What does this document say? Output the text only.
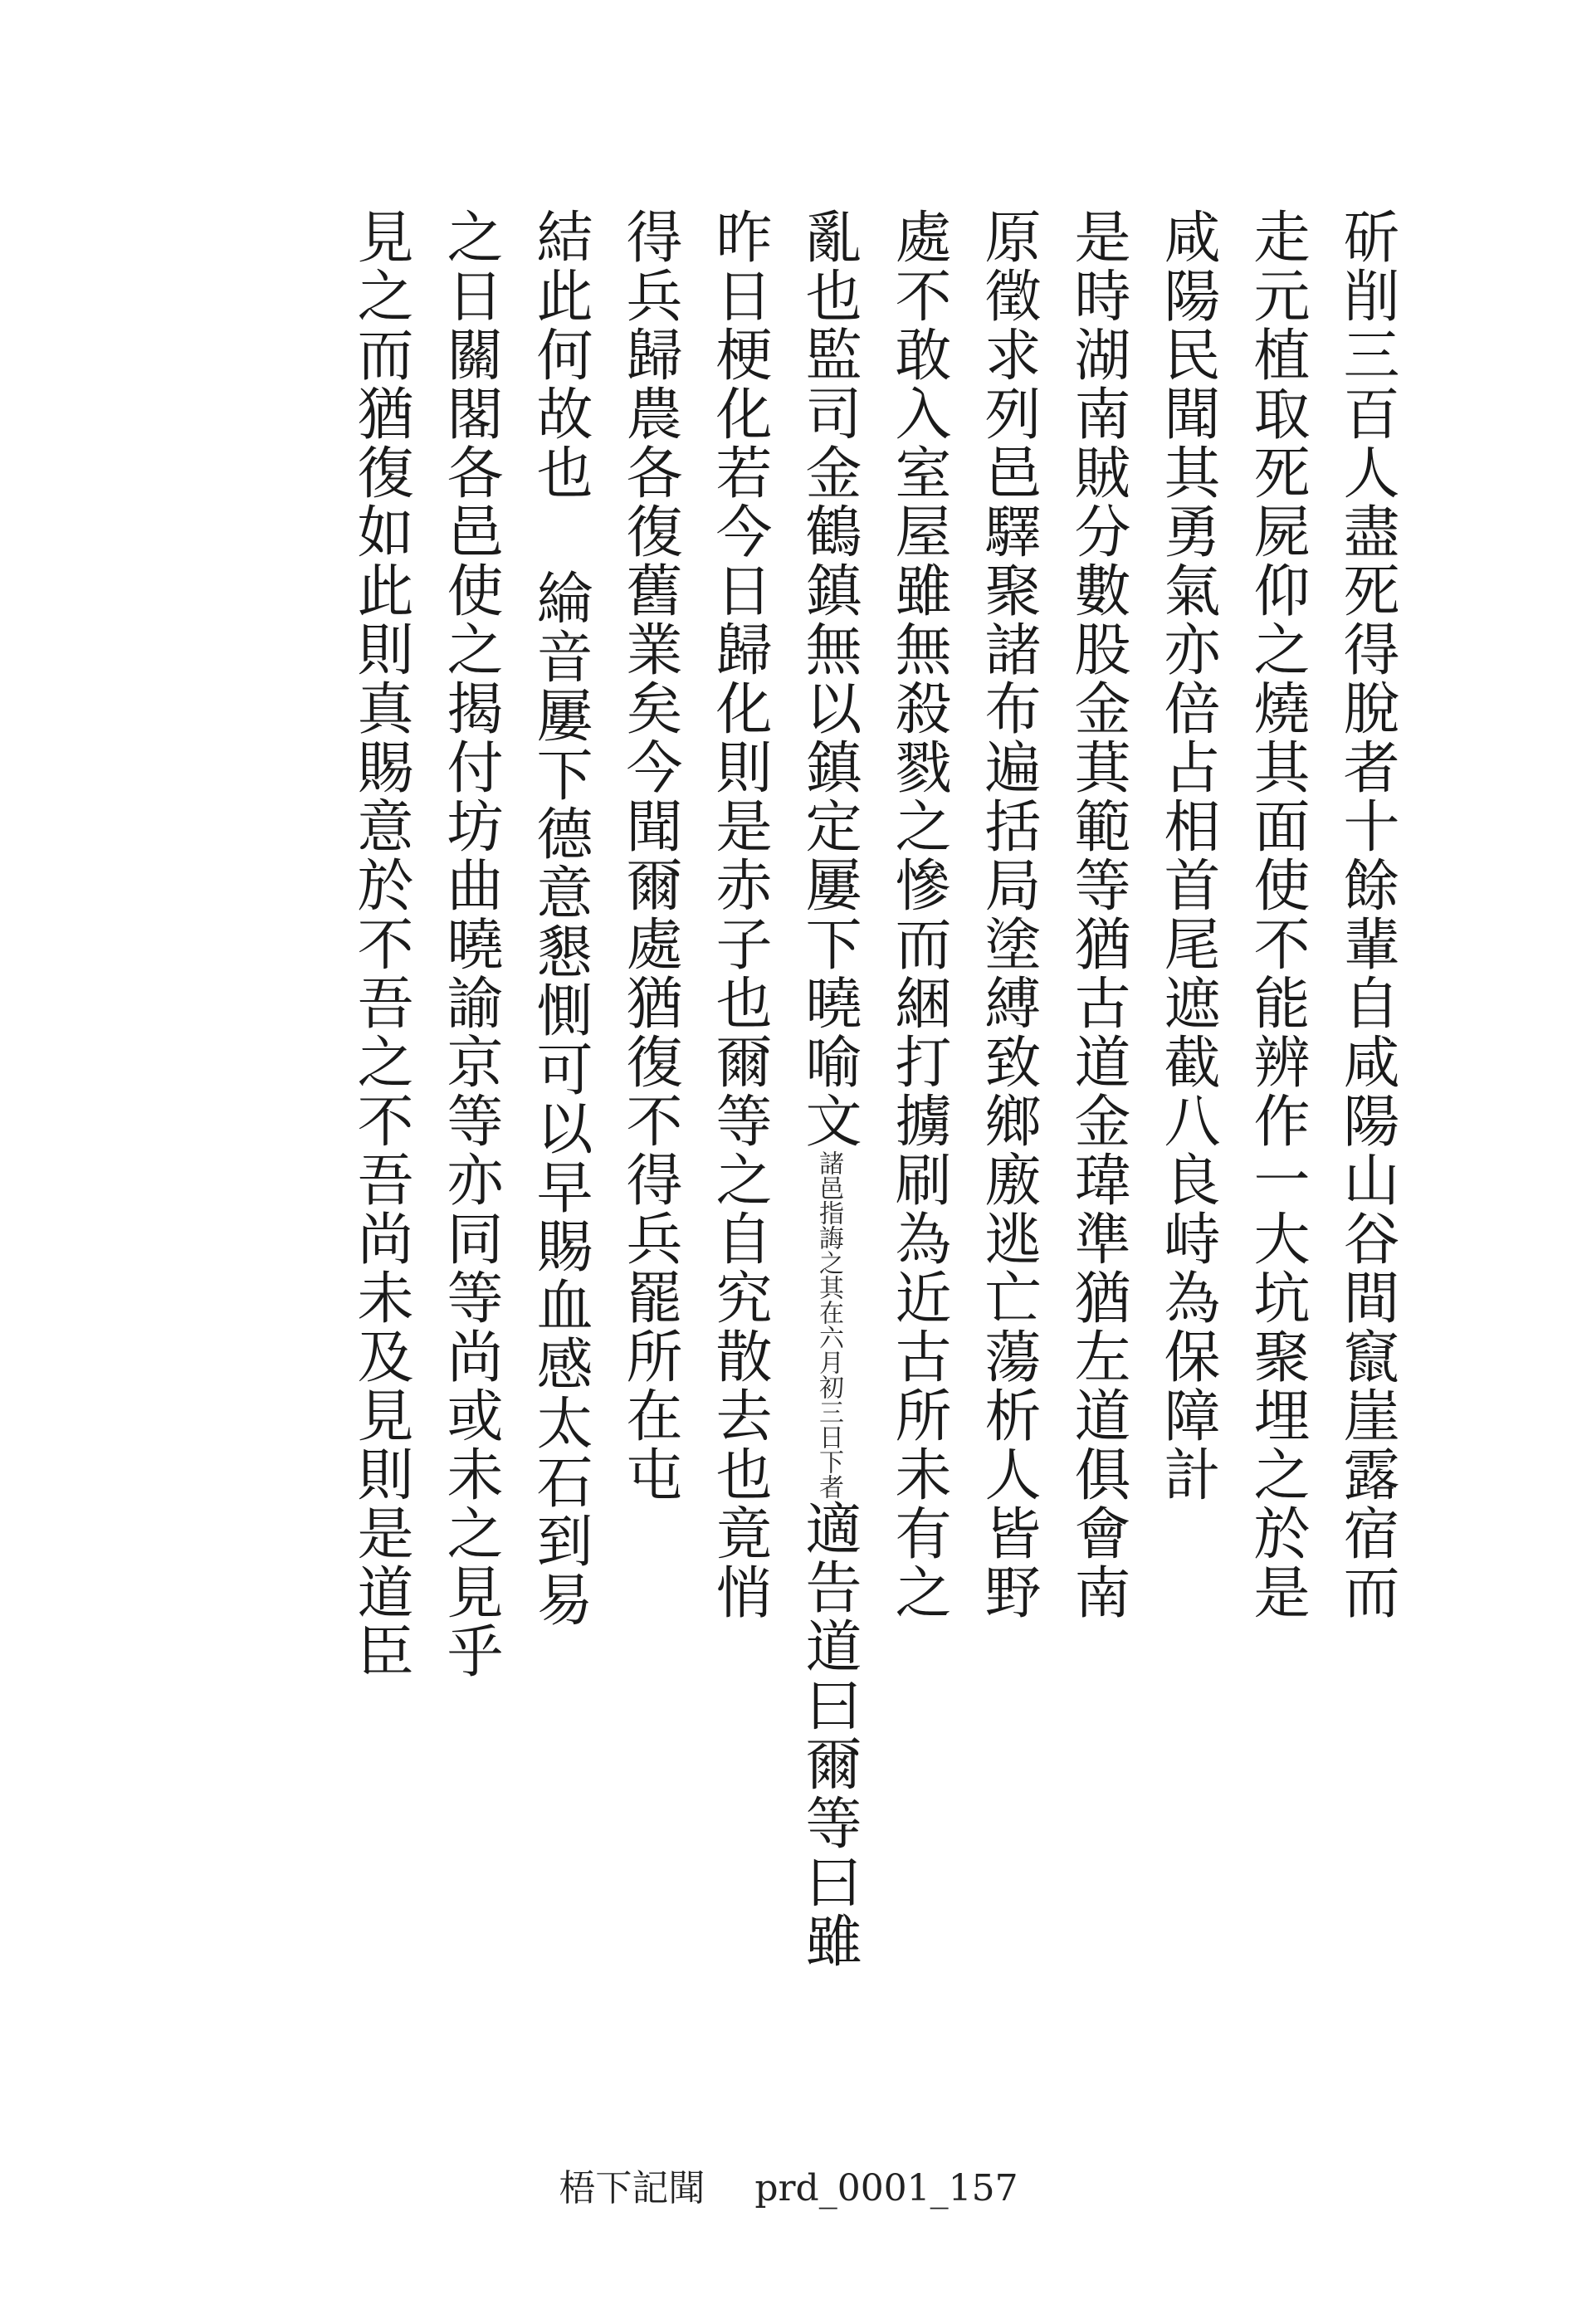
斫削三百人盡死得脫者十餘輩自咸陽山谷間竄崖露宿而
走元植取死屍仰之燒其面使不能辨作一大坑聚埋之於是
咸陽民聞其勇氣亦倍占相首尾遮截八良峙為保障計
是時湖南賊分數股金萁範等猶古道金瑋準猶左道俱會南
原徵求列邑驛聚諸布遍括局塗縛致鄉廒逃亡蕩析人皆野
處不敢入室屋雖無殺戮之慘而綑打擄刷為近古所未有之
亂也監司金鶴鎮無以鎮定屢下曉喻文諸邑指誨之其在六月初三日下者適告道曰爾等曰雖
昨日梗化若今日歸化則是赤子也爾等之自究散去也竟悄
得兵歸農各復舊業矣今聞爾處猶復不得兵罷所在屯
結此何故也綸音屢下德意懇惻可以早賜血感太石到易
之日關閣各邑使之揭付坊曲曉諭京等亦同等尚或未之見乎
見之而猶復如此則真賜意於不吾之不吾尚未及見則是道臣
梧下記聞 prd_0001_157
